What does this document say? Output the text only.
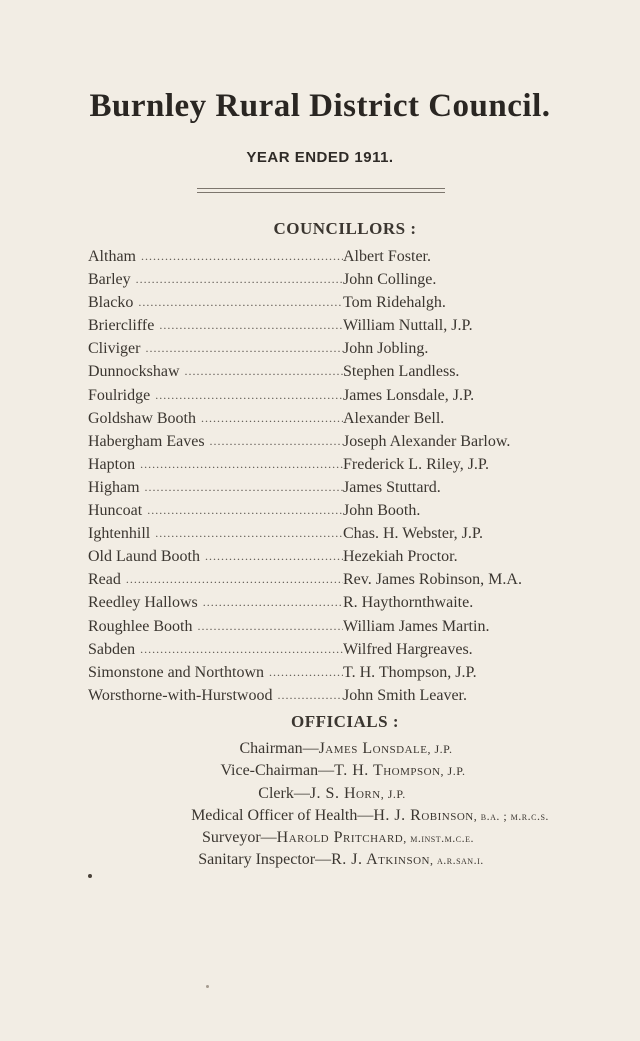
Burnley Rural District Council.
YEAR ENDED 1911.
COUNCILLORS :
Altham .....	Albert Foster.
Barley .....	John Collinge.
Blacko .....	Tom Ridehalgh.
Briercliffe .....	William Nuttall, J.P.
Cliviger .....	John Jobling.
Dunnockshaw .....	Stephen Landless.
Foulridge .....	James Lonsdale, J.P.
Goldshaw Booth .....	Alexander Bell.
Habergham Eaves .....	Joseph Alexander Barlow.
Hapton .....	Frederick L. Riley, J.P.
Higham .....	James Stuttard.
Huncoat .....	John Booth.
Ightenhill .....	Chas. H. Webster, J.P.
Old Laund Booth .....	Hezekiah Proctor.
Read .....	Rev. James Robinson, M.A.
Reedley Hallows .....	R. Haythornthwaite.
Roughlee Booth .....	William James Martin.
Sabden .....	Wilfred Hargreaves.
Simonstone and Northtown .....	T. H. Thompson, J.P.
Worsthorne-with-Hurstwood .....	John Smith Leaver.
OFFICIALS :
Chairman—James Lonsdale, J.P.
Vice-Chairman—T. H. Thompson, J.P.
Clerk—J. S. Horn, J.P.
Medical Officer of Health—H. J. Robinson, b.a. ; m.r.c.s.
Surveyor—Harold Pritchard, m.inst.m.c.e.
Sanitary Inspector—R. J. Atkinson, a.r.san.i.
